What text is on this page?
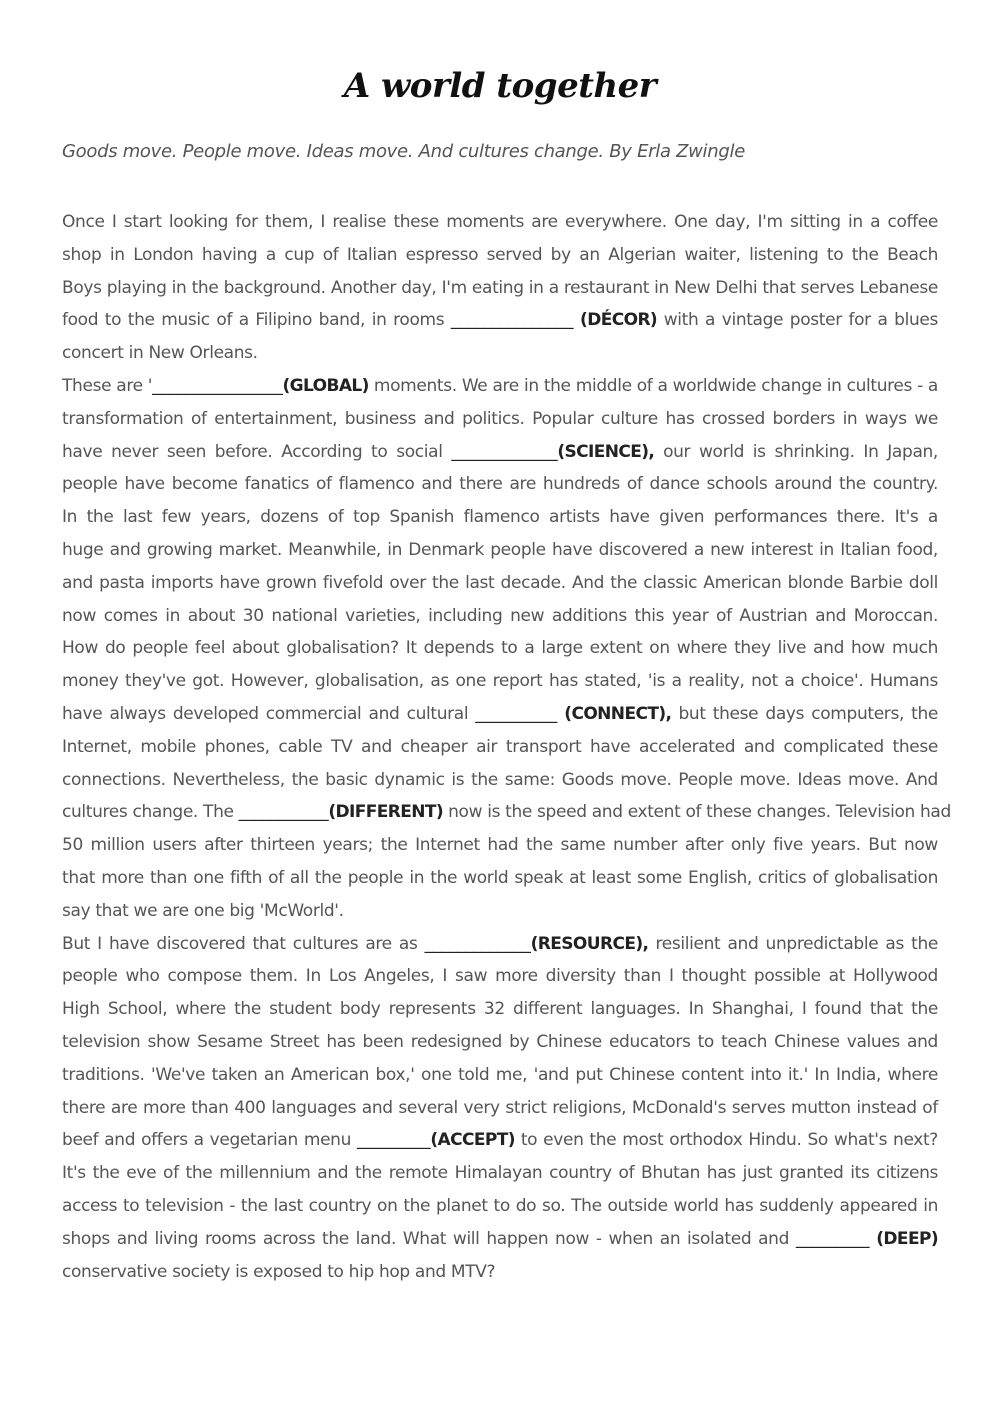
A world together

Goods move. People move. Ideas move. And cultures change. By Erla Zwingle

Once I start looking for them, I realise these moments are everywhere. One day, I'm sitting in a coffee
shop in London having a cup of Italian espresso served by an Algerian waiter, listening to the Beach
Boys playing in the background. Another day, I'm eating in a restaurant in New Delhi that serves Lebanese
food to the music of a Filipino band, in rooms _______________ (DÉCOR) with a vintage poster for a blues
concert in New Orleans.
These are '________________(GLOBAL) moments. We are in the middle of a worldwide change in cultures - a
transformation of entertainment, business and politics. Popular culture has crossed borders in ways we
have never seen before. According to social _____________(SCIENCE), our world is shrinking. In Japan,
people have become fanatics of flamenco and there are hundreds of dance schools around the country.
In the last few years, dozens of top Spanish flamenco artists have given performances there. It's a
huge and growing market. Meanwhile, in Denmark people have discovered a new interest in Italian food,
and pasta imports have grown fivefold over the last decade. And the classic American blonde Barbie doll
now comes in about 30 national varieties, including new additions this year of Austrian and Moroccan.
How do people feel about globalisation? It depends to a large extent on where they live and how much
money they've got. However, globalisation, as one report has stated, 'is a reality, not a choice'. Humans
have always developed commercial and cultural __________ (CONNECT), but these days computers, the
Internet, mobile phones, cable TV and cheaper air transport have accelerated and complicated these
connections. Nevertheless, the basic dynamic is the same: Goods move. People move. Ideas move. And
cultures change. The ___________(DIFFERENT) now is the speed and extent of these changes. Television had
50 million users after thirteen years; the Internet had the same number after only five years. But now
that more than one fifth of all the people in the world speak at least some English, critics of globalisation
say that we are one big 'McWorld'.
But I have discovered that cultures are as _____________(RESOURCE), resilient and unpredictable as the
people who compose them. In Los Angeles, I saw more diversity than I thought possible at Hollywood
High School, where the student body represents 32 different languages. In Shanghai, I found that the
television show Sesame Street has been redesigned by Chinese educators to teach Chinese values and
traditions. 'We've taken an American box,' one told me, 'and put Chinese content into it.' In India, where
there are more than 400 languages and several very strict religions, McDonald's serves mutton instead of
beef and offers a vegetarian menu _________(ACCEPT) to even the most orthodox Hindu. So what's next?
It's the eve of the millennium and the remote Himalayan country of Bhutan has just granted its citizens
access to television - the last country on the planet to do so. The outside world has suddenly appeared in
shops and living rooms across the land. What will happen now - when an isolated and _________ (DEEP)
conservative society is exposed to hip hop and MTV?
